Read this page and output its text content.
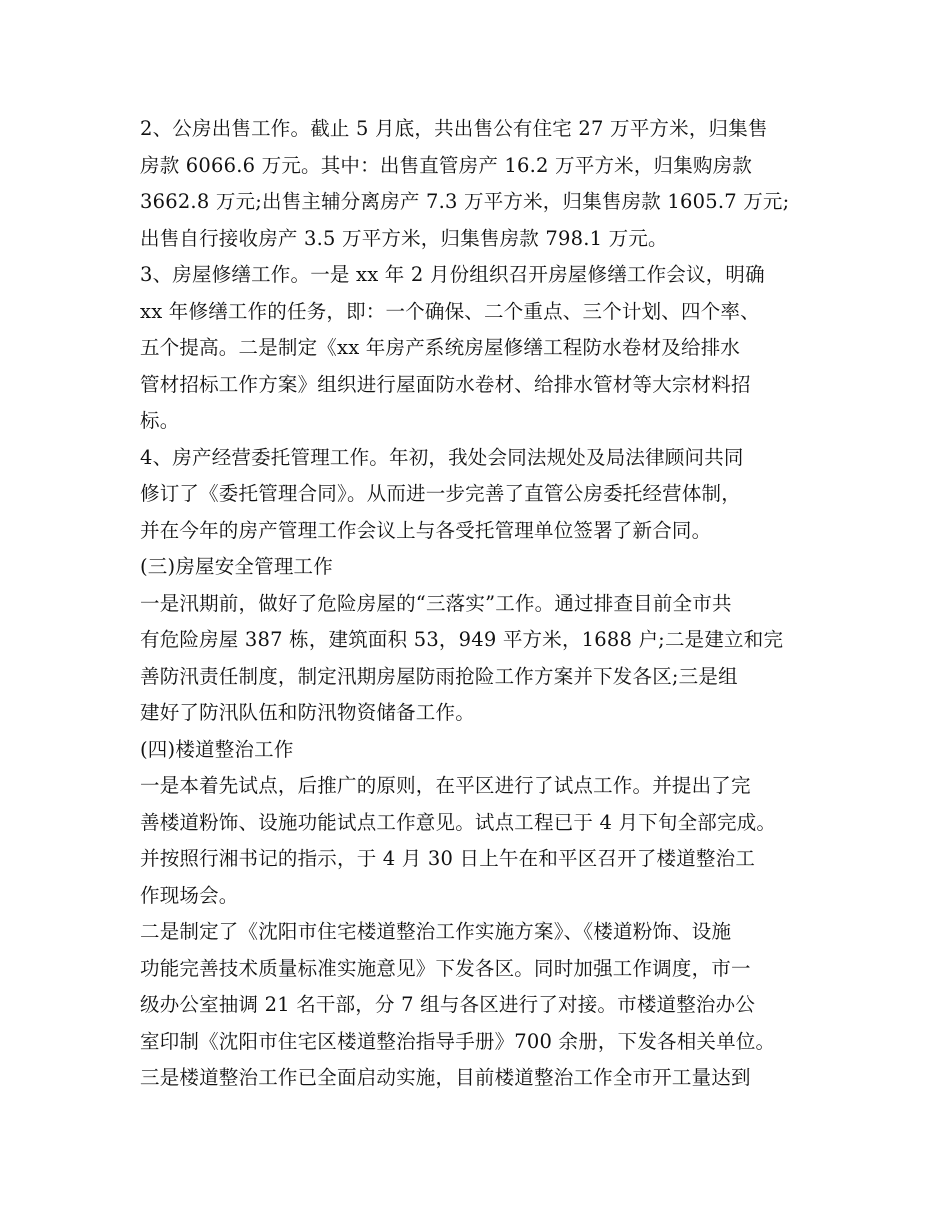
2、公房出售工作。截止 5 月底，共出售公有住宅 27 万平方米，归集售
房款 6066.6 万元。其中：出售直管房产 16.2 万平方米，归集购房款
3662.8 万元;出售主辅分离房产 7.3 万平方米，归集售房款 1605.7 万元;
出售自行接收房产 3.5 万平方米，归集售房款 798.1 万元。
3、房屋修缮工作。一是 xx 年 2 月份组织召开房屋修缮工作会议，明确
xx 年修缮工作的任务，即：一个确保、二个重点、三个计划、四个率、
五个提高。二是制定《xx 年房产系统房屋修缮工程防水卷材及给排水
管材招标工作方案》组织进行屋面防水卷材、给排水管材等大宗材料招
标。
4、房产经营委托管理工作。年初，我处会同法规处及局法律顾问共同
修订了《委托管理合同》。从而进一步完善了直管公房委托经营体制，
并在今年的房产管理工作会议上与各受托管理单位签署了新合同。
(三)房屋安全管理工作
一是汛期前，做好了危险房屋的“三落实”工作。通过排查目前全市共
有危险房屋 387 栋，建筑面积 53，949 平方米，1688 户;二是建立和完
善防汛责任制度，制定汛期房屋防雨抢险工作方案并下发各区;三是组
建好了防汛队伍和防汛物资储备工作。
(四)楼道整治工作
一是本着先试点，后推广的原则，在平区进行了试点工作。并提出了完
善楼道粉饰、设施功能试点工作意见。试点工程已于 4 月下旬全部完成。
并按照行湘书记的指示，于 4 月 30 日上午在和平区召开了楼道整治工
作现场会。
二是制定了《沈阳市住宅楼道整治工作实施方案》、《楼道粉饰、设施
功能完善技术质量标准实施意见》下发各区。同时加强工作调度，市一
级办公室抽调 21 名干部，分 7 组与各区进行了对接。市楼道整治办公
室印制《沈阳市住宅区楼道整治指导手册》700 余册，下发各相关单位。
三是楼道整治工作已全面启动实施，目前楼道整治工作全市开工量达到
